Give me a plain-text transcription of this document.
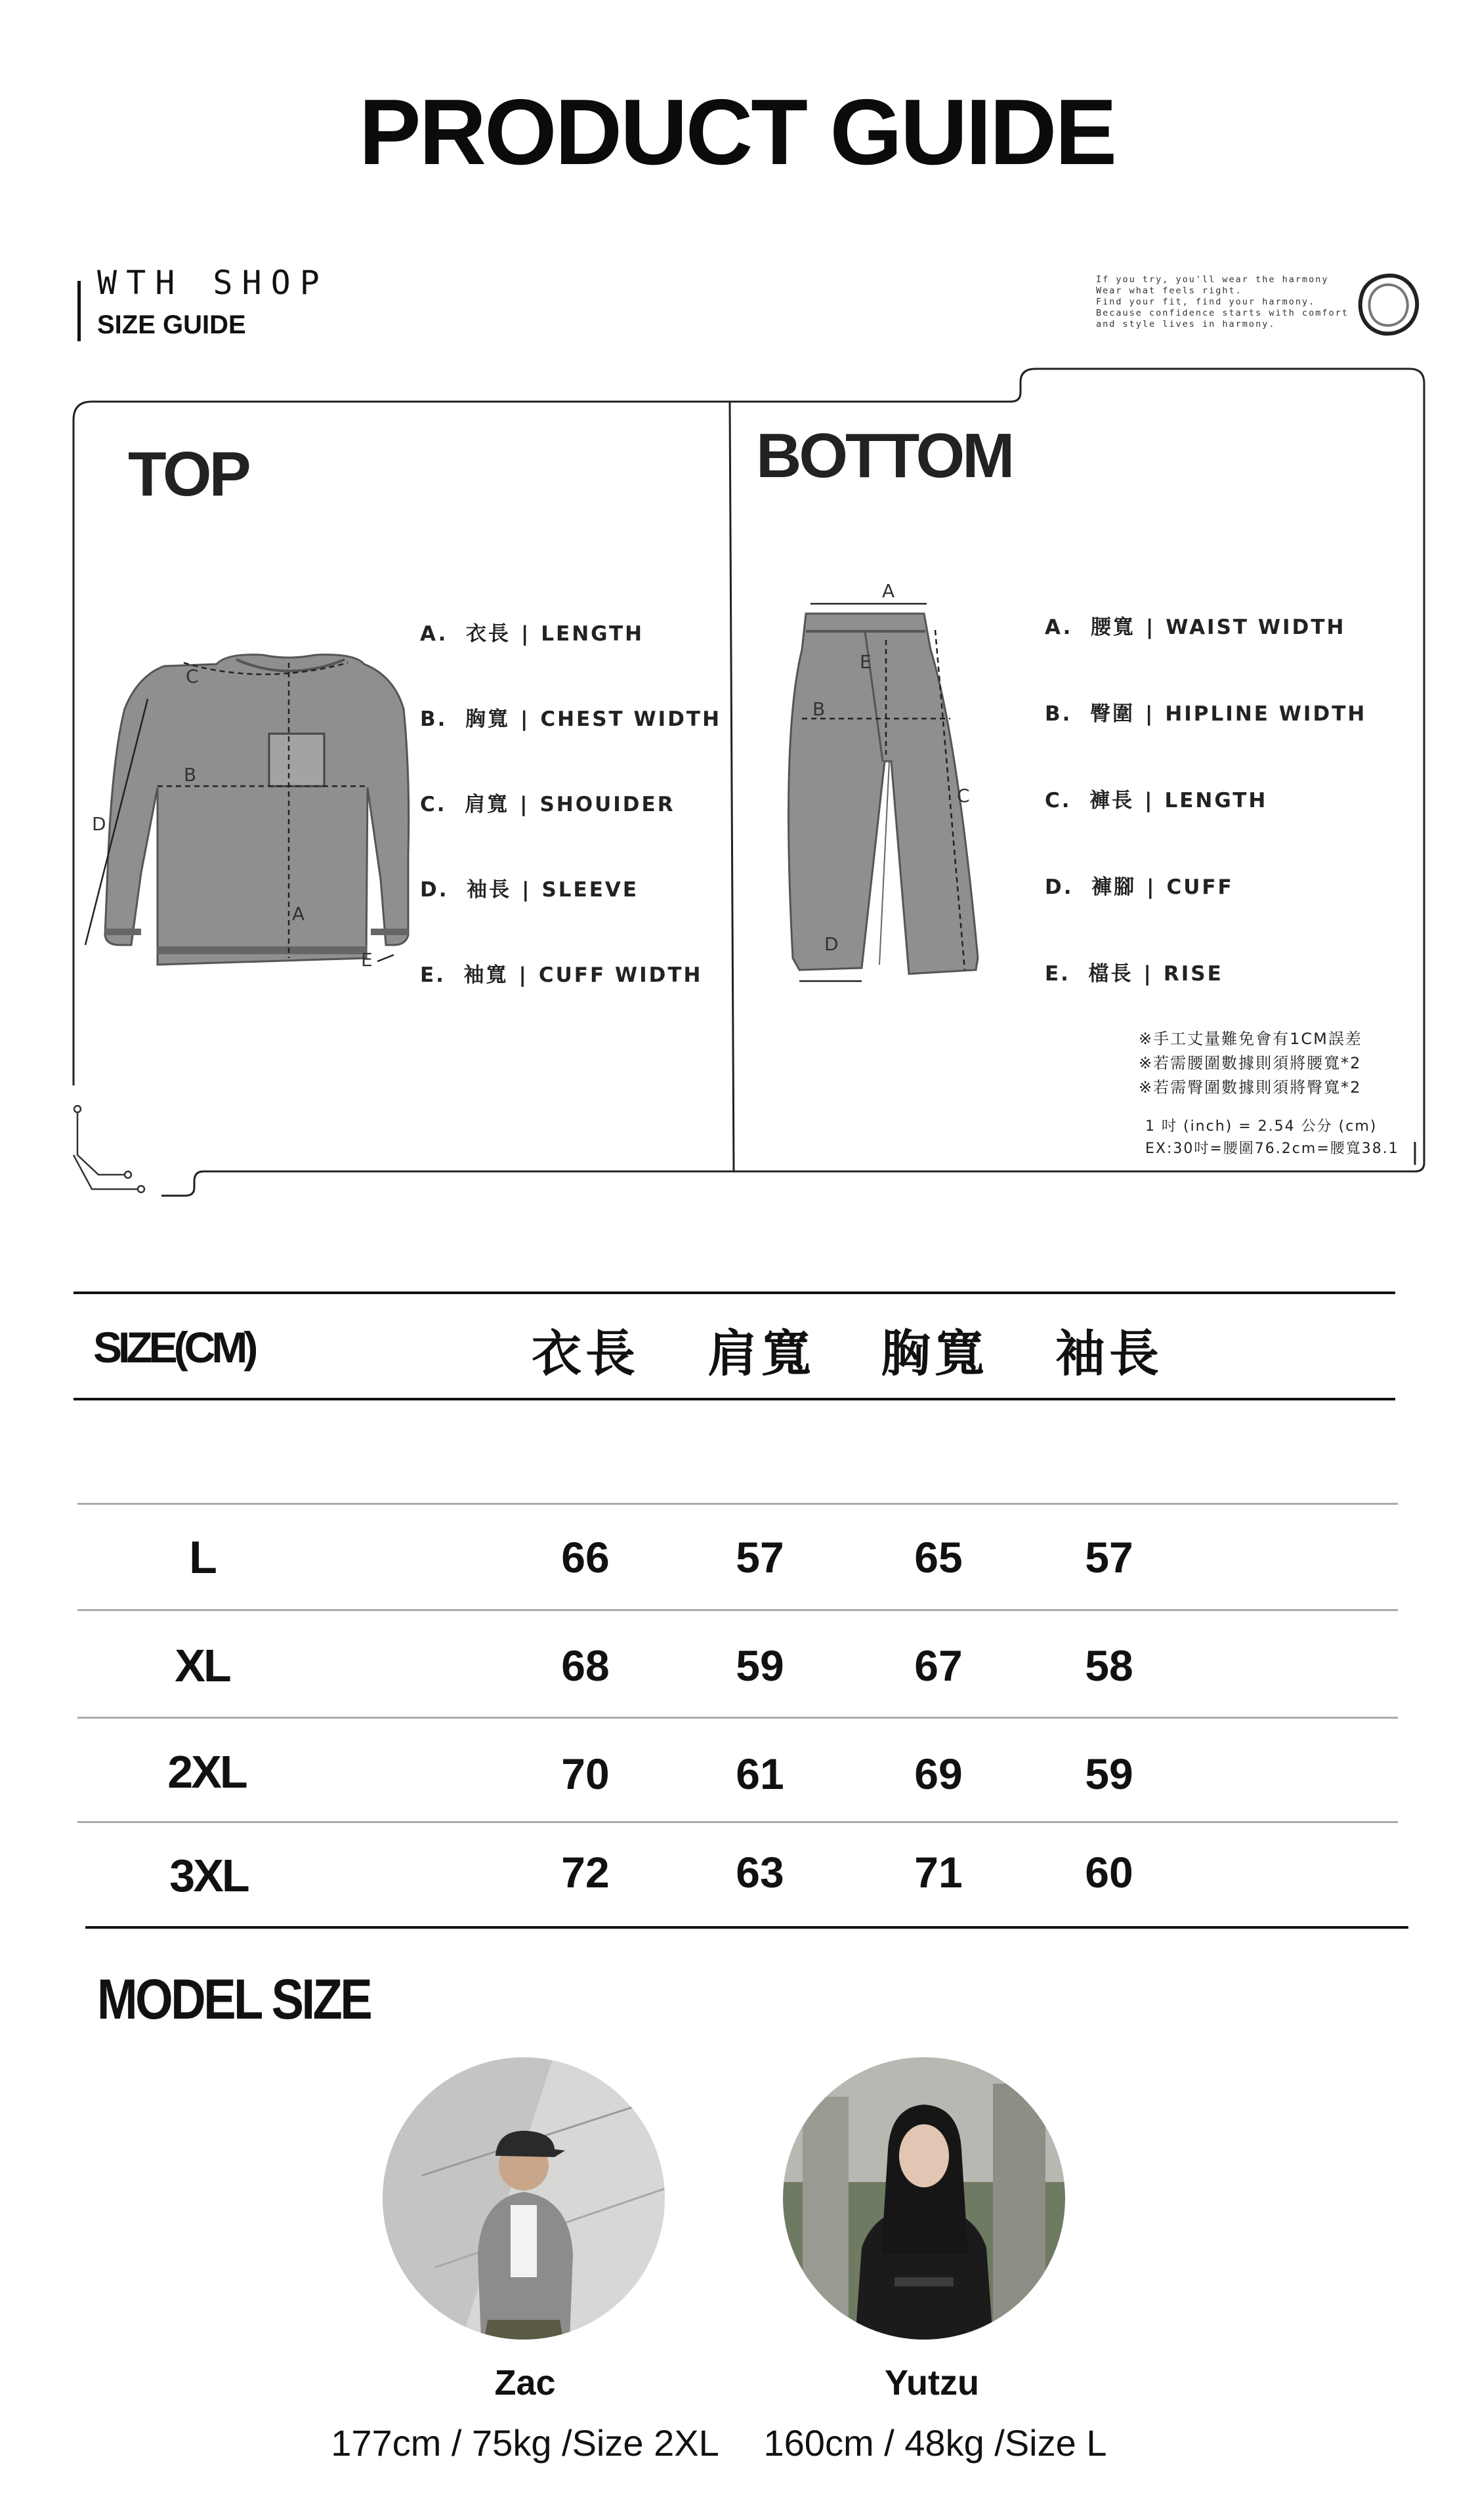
PRODUCT GUIDE
WTH SHOP
SIZE GUIDE
If you try, you'll wear the harmony
Wear what feels right.
Find your fit, find your harmony.
Because confidence starts with comfort
and style lives in harmony.
C
B
D
A
E
A
B
C
D
E
TOP	BOTTOM
A. 衣長 | LENGTH
B. 胸寬 | CHEST WIDTH
C. 肩寬 | SHOUIDER
D. 袖長 | SLEEVE
E. 袖寬 | CUFF WIDTH
A. 腰寬 | WAIST WIDTH
B. 臀圍 | HIPLINE WIDTH
C. 褲長 | LENGTH
D. 褲腳 | CUFF
E. 檔長 | RISE
※手工丈量難免會有1CM誤差
※若需腰圍數據則須將腰寬*2
※若需臀圍數據則須將臀寬*2
1 吋 (inch) = 2.54 公分 (cm)
EX:30吋=腰圍76.2cm=腰寬38.1
SIZE(CM)	衣長 肩寬 胸寬 袖長
L	66	57	65	57
XL	68	59	67	58
2XL	70	61	69	59
3XL	72	63	71	60
MODEL SIZE
Zac
177cm / 75kg /Size 2XL
Yutzu
160cm / 48kg /Size L
